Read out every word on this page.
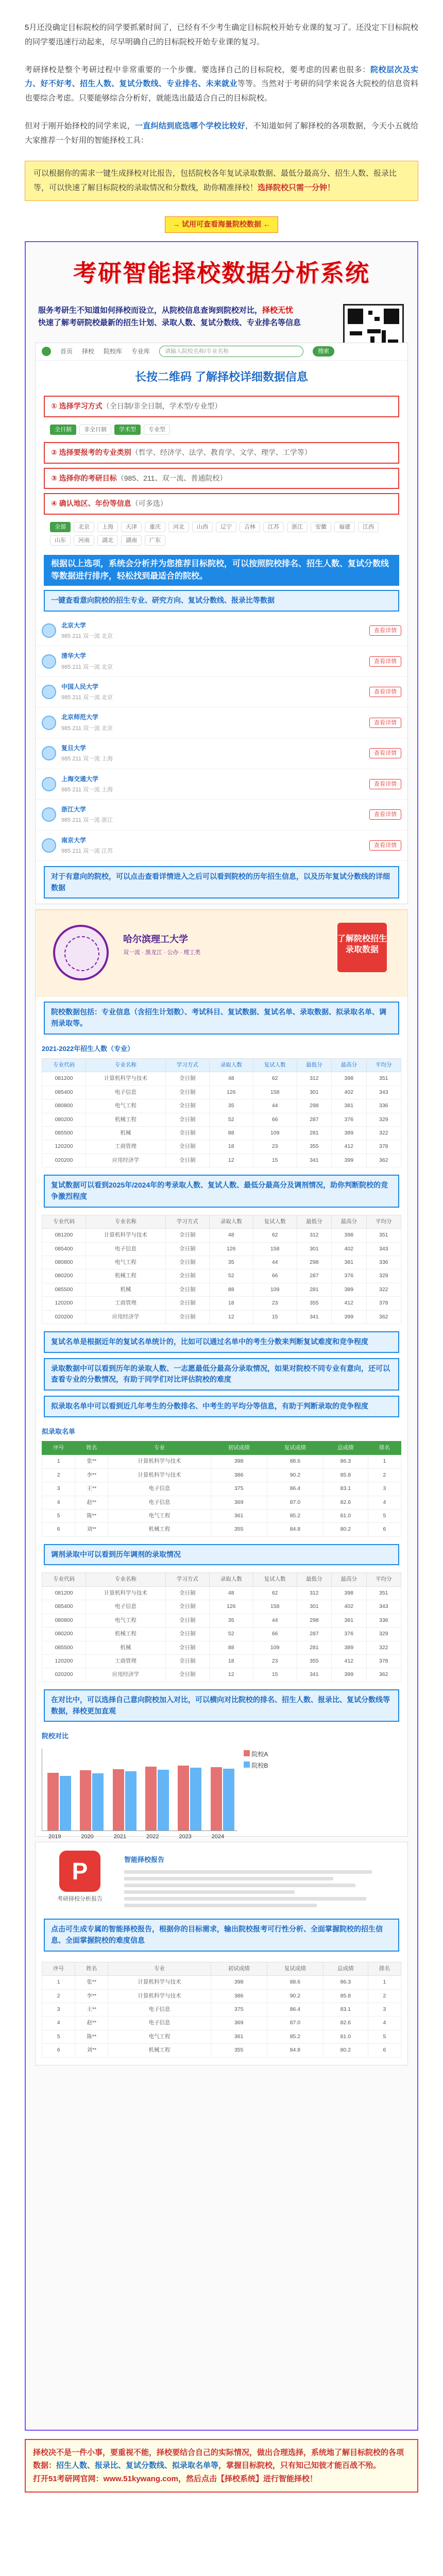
5月还没确定目标院校的同学要抓紧时间了，已经有不少考生确定目标院校开始专业课的复习了。还没定下目标院校的同学要迅速行动起来，尽早明确自己的目标院校开始专业课的复习。

考研择校是整个考研过程中非常重要的一个步骤。要选择自己的目标院校，要考虑的因素也很多：院校层次及实力、好不好考、招生人数、复试分数线、专业排名、未来就业等等。当然对于考研的同学来说各大院校的信息资料也要综合考虑。只要能够综合分析好，就能选出最适合自己的目标院校。

但对于刚开始择校的同学来说，一直纠结到底选哪个学校比较好，不知道如何了解择校的各项数据，今天小五就给大家推荐一个好用的智能择校工具：

可以根据你的需求一键生成择校对比报告，包括院校各年复试录取数据、最低分最高分、招生人数、报录比等，可以快速了解目标院校的录取情况和分数线，助你精准择校！选择院校只需一分钟！
→ 试用可查看海量院校数据 ←
考研智能择校数据分析系统
服务考研生不知道如何择校而设立，从院校信息查询到院校对比，择校无忧
快速了解考研院校最新的招生计划、录取人数、复试分数线、专业排名等信息
首页 择校 院校库 专业库	请输入院校名称/专业名称	搜索
长按二维码 了解择校详细数据信息
① 选择学习方式（全日制/非全日制，学术型/专业型）
全日制	非全日制	学术型	专业型
② 选择要报考的专业类别（哲学、经济学、法学、教育学、文学、理学、工学等）
③ 选择你的考研目标（985、211、双一流、普通院校）
④ 确认地区、年份等信息（可多选）
全部	北京	上海	天津	重庆	河北	山西	辽宁	吉林	江苏	浙江	安徽	福建	江西
山东	河南	湖北	湖南	广东
根据以上选项，系统会分析并为您推荐目标院校，可以按照院校排名、招生人数、复试分数线等数据进行排序，轻松找到最适合的院校。
一键查看意向院校的招生专业、研究方向、复试分数线、报录比等数据
北京大学
985 211 双一流 北京
查看详情
清华大学
985 211 双一流 北京
查看详情
中国人民大学
985 211 双一流 北京
查看详情
北京师范大学
985 211 双一流 北京
查看详情
复旦大学
985 211 双一流 上海
查看详情
上海交通大学
985 211 双一流 上海
查看详情
浙江大学
985 211 双一流 浙江
查看详情
南京大学
985 211 双一流 江苏
查看详情
对于有意向的院校，可以点击查看详情进入之后可以看到院校的历年招生信息，以及历年复试分数线的详细数据
哈尔滨理工大学
双一流 · 黑龙江 · 公办 · 理工类
了解院校招生录取数据
院校数据包括：专业信息（含招生计划数）、考试科目、复试数据、复试名单、录取数据、拟录取名单、调剂录取等。
2021-2022年招生人数（专业）
专业代码	专业名称	学习方式	录取人数	复试人数	最低分	最高分	平均分
081200	计算机科学与技术	全日制	48	62	312	398	351
085400	电子信息	全日制	126	158	301	402	343
080800	电气工程	全日制	35	44	298	381	336
080200	机械工程	全日制	52	66	287	376	329
085500	机械	全日制	88	109	281	389	322
120200	工商管理	全日制	18	23	355	412	378
020200	应用经济学	全日制	12	15	341	399	362
复试数据可以看到2025年/2024年的考录取人数、复试人数、最低分最高分及调剂情况，助你判断院校的竞争激烈程度
专业代码	专业名称	学习方式	录取人数	复试人数	最低分	最高分	平均分
081200	计算机科学与技术	全日制	48	62	312	398	351
085400	电子信息	全日制	126	158	301	402	343
080800	电气工程	全日制	35	44	298	381	336
080200	机械工程	全日制	52	66	287	376	329
085500	机械	全日制	88	109	281	389	322
120200	工商管理	全日制	18	23	355	412	378
020200	应用经济学	全日制	12	15	341	399	362
复试名单是根据近年的复试名单统计的，比如可以通过名单中的考生分数来判断复试难度和竞争程度
录取数据中可以看到历年的录取人数、一志愿最低分最高分录取情况，如果对院校不同专业有意向，还可以查看专业的分数情况，有助于同学们对比评估院校的难度
拟录取名单中可以看到近几年考生的分数排名、中考生的平均分等信息，有助于判断录取的竞争程度
拟录取名单
序号	姓名	专业	初试成绩	复试成绩	总成绩	排名
1	张**	计算机科学与技术	398	88.6	86.3	1
2	李**	计算机科学与技术	386	90.2	85.8	2
3	王**	电子信息	375	86.4	83.1	3
4	赵**	电子信息	369	87.0	82.6	4
5	陈**	电气工程	361	85.2	81.0	5
6	刘**	机械工程	355	84.8	80.2	6
调剂录取中可以看到历年调剂的录取情况
专业代码	专业名称	学习方式	录取人数	复试人数	最低分	最高分	平均分
081200	计算机科学与技术	全日制	48	62	312	398	351
085400	电子信息	全日制	126	158	301	402	343
080800	电气工程	全日制	35	44	298	381	336
080200	机械工程	全日制	52	66	287	376	329
085500	机械	全日制	88	109	281	389	322
120200	工商管理	全日制	18	23	355	412	378
020200	应用经济学	全日制	12	15	341	399	362
在对比中，可以选择自己意向院校加入对比，可以横向对比院校的排名、招生人数、报录比、复试分数线等数据，择校更加直观
院校对比
2019	2020	2021	2022	2023	2024
院校A
院校B
P
考研择校分析报告
智能择校报告
点击可生成专属的智能择校报告，根据你的目标需求，输出院校报考可行性分析、全面掌握院校的招生信息、全面掌握院校的难度信息
序号	姓名	专业	初试成绩	复试成绩	总成绩	排名
1	张**	计算机科学与技术	398	88.6	86.3	1
2	李**	计算机科学与技术	386	90.2	85.8	2
3	王**	电子信息	375	86.4	83.1	3
4	赵**	电子信息	369	87.0	82.6	4
5	陈**	电气工程	361	85.2	81.0	5
6	刘**	机械工程	355	84.8	80.2	6
择校决不是一件小事，要重视不能，择校要结合自己的实际情况，做出合理选择，系统地了解目标院校的各项数据：招生人数、报录比、复试分数线、拟录取名单等，掌握目标院校，只有知己知彼才能百战不殆。
打开51考研网官网：www.51kywang.com，然后点击【择校系统】进行智能择校！
